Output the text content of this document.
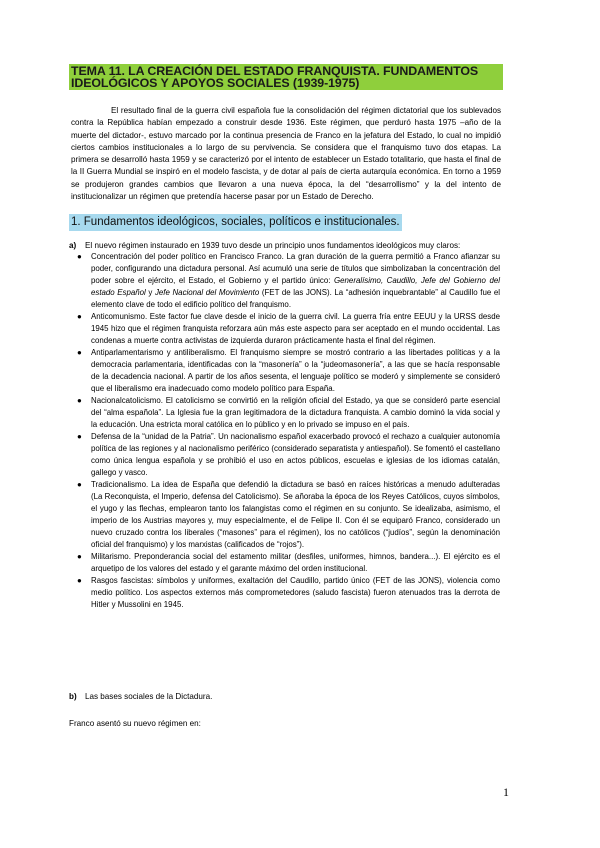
TEMA 11. LA CREACIÓN DEL ESTADO FRANQUISTA. FUNDAMENTOS
IDEOLÓGICOS Y APOYOS SOCIALES (1939-1975)

El resultado final de la guerra civil española fue la consolidación del régimen dictatorial que los sublevados contra la República habían empezado a construir desde 1936. Este régimen, que perduró hasta 1975 –año de la muerte del dictador-, estuvo marcado por la continua presencia de Franco en la jefatura del Estado, lo cual no impidió ciertos cambios institucionales a lo largo de su pervivencia. Se considera que el franquismo tuvo dos etapas. La primera se desarrolló hasta 1959 y se caracterizó por el intento de establecer un Estado totalitario, que hasta el final de la II Guerra Mundial se inspiró en el modelo fascista, y de dotar al país de cierta autarquía económica. En torno a 1959 se produjeron grandes cambios que llevaron a una nueva época, la del “desarrollismo” y la del intento de institucionalizar un régimen que pretendía hacerse pasar por un Estado de Derecho.

1. Fundamentos ideológicos, sociales, políticos e institucionales.
a) El nuevo régimen instaurado en 1939 tuvo desde un principio unos fundamentos ideológicos muy claros:
● Concentración del poder político en Francisco Franco. La gran duración de la guerra permitió a Franco afianzar su poder, configurando una dictadura personal. Así acumuló una serie de títulos que simbolizaban la concentración del poder sobre el ejército, el Estado, el Gobierno y el partido único: Generalísimo, Caudillo, Jefe del Gobierno del estado Español y Jefe Nacional del Movimiento (FET de las JONS). La “adhesión inquebrantable” al Caudillo fue el elemento clave de todo el edificio político del franquismo.
● Anticomunismo. Este factor fue clave desde el inicio de la guerra civil. La guerra fría entre EEUU y la URSS desde 1945 hizo que el régimen franquista reforzara aún más este aspecto para ser aceptado en el mundo occidental. Las condenas a muerte contra activistas de izquierda duraron prácticamente hasta el final del régimen.
● Antiparlamentarismo y antiliberalismo. El franquismo siempre se mostró contrario a las libertades políticas y a la democracia parlamentaria, identificadas con la “masonería” o la “judeomasonería”, a las que se hacía responsable de la decadencia nacional. A partir de los años sesenta, el lenguaje político se moderó y simplemente se consideró que el liberalismo era inadecuado como modelo político para España.
● Nacionalcatolicismo. El catolicismo se convirtió en la religión oficial del Estado, ya que se consideró parte esencial del “alma española”. La Iglesia fue la gran legitimadora de la dictadura franquista. A cambio dominó la vida social y la educación. Una estricta moral católica en lo público y en lo privado se impuso en el país.
● Defensa de la “unidad de la Patria”. Un nacionalismo español exacerbado provocó el rechazo a cualquier autonomía política de las regiones y al nacionalismo periférico (considerado separatista y antiespañol). Se fomentó el castellano como única lengua española y se prohibió el uso en actos públicos, escuelas e iglesias de los idiomas catalán, gallego y vasco.
● Tradicionalismo. La idea de España que defendió la dictadura se basó en raíces históricas a menudo adulteradas (La Reconquista, el Imperio, defensa del Catolicismo). Se añoraba la época de los Reyes Católicos, cuyos símbolos, el yugo y las flechas, emplearon tanto los falangistas como el régimen en su conjunto. Se idealizaba, asimismo, el imperio de los Austrias mayores y, muy especialmente, el de Felipe II. Con él se equiparó Franco, considerado un nuevo cruzado contra los liberales (“masones” para el régimen), los no católicos (“judíos”, según la denominación oficial del franquismo) y los marxistas (calificados de “rojos”).
● Militarismo. Preponderancia social del estamento militar (desfiles, uniformes, himnos, bandera...). El ejército es el arquetipo de los valores del estado y el garante máximo del orden institucional.
● Rasgos fascistas: símbolos y uniformes, exaltación del Caudillo, partido único (FET de las JONS), violencia como medio político. Los aspectos externos más comprometedores (saludo fascista) fueron atenuados tras la derrota de Hitler y Mussolini en 1945.
b) Las bases sociales de la Dictadura.
Franco asentó su nuevo régimen en:
1
